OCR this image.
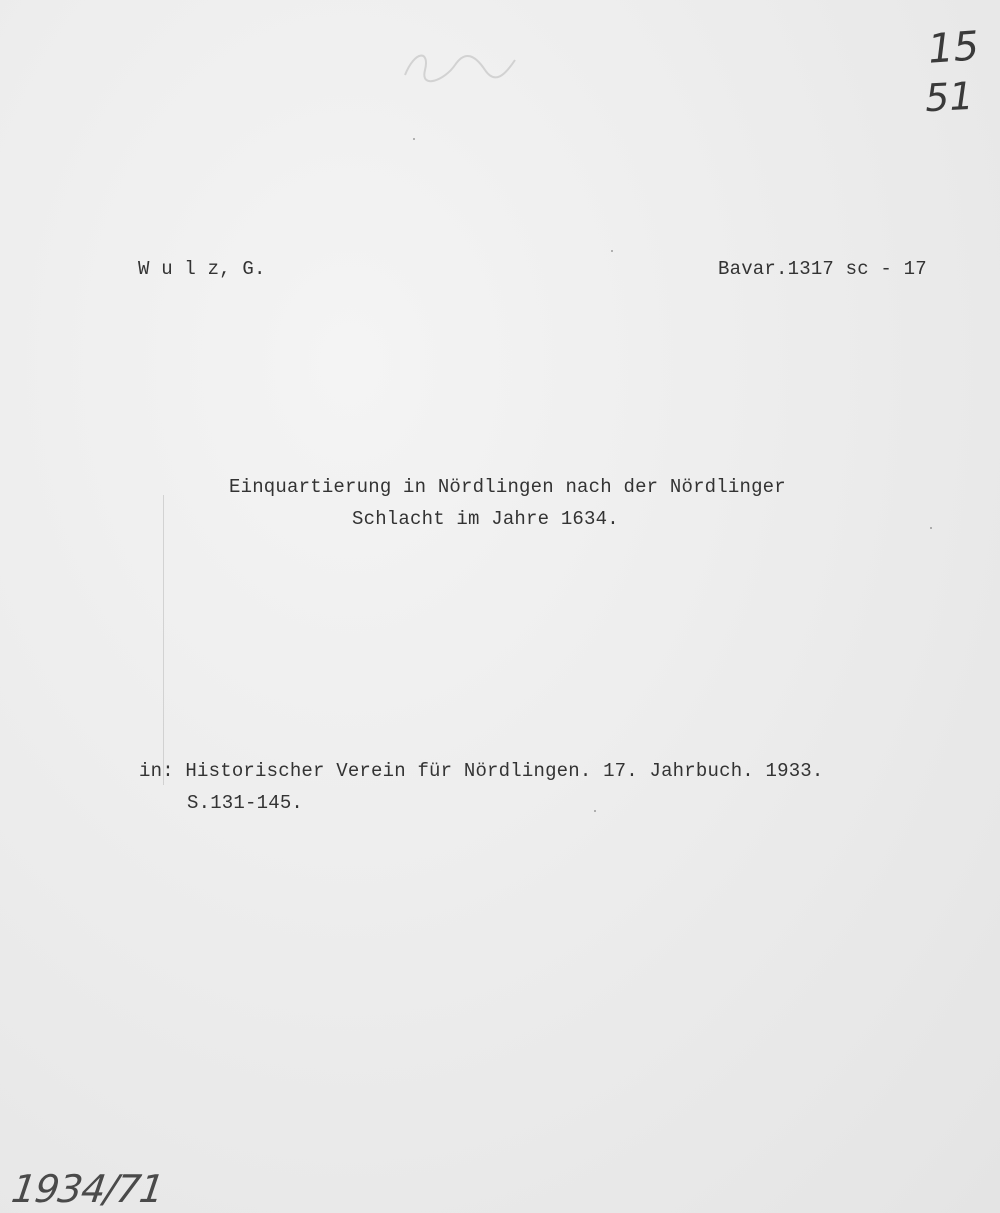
15
51
W u l z, G.	Bavar.1317 sc - 17
Einquartierung in Nördlingen nach der Nördlinger
Schlacht im Jahre 1634.
in: Historischer Verein für Nördlingen. 17. Jahrbuch. 1933.
S.131-145.
1934/71
